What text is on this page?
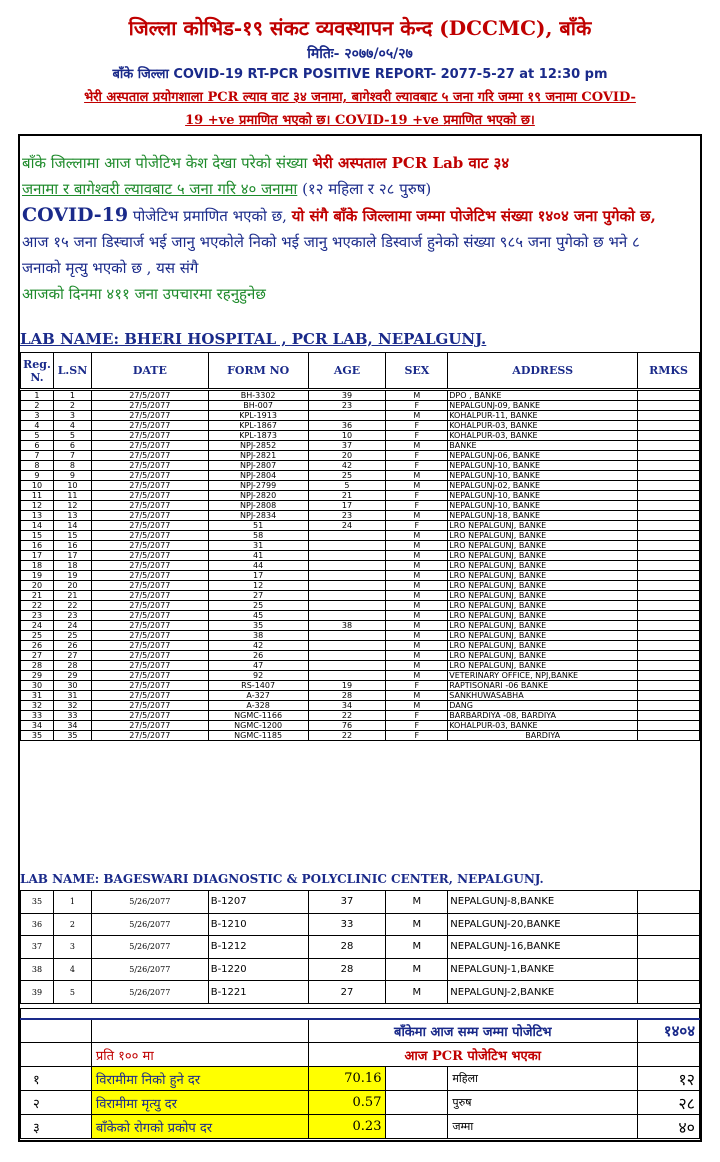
जिल्ला कोभिड-१९ संकट व्यवस्थापन केन्द (DCCMC), बाँके
मितिः- २०७७/०५/२७
बाँके जिल्ला COVID-19 RT-PCR POSITIVE REPORT- 2077-5-27 at 12:30 pm
भेरी अस्पताल प्रयोगशाला PCR ल्याव वाट ३४ जनामा, बागेश्वरी ल्यावबाट ५ जना गरि जम्मा १९ जनामा COVID-
19 +ve प्रमाणित भएको छ। COVID-19 +ve प्रमाणित भएको छ।
बाँके जिल्लामा आज पोजेटिभ केश देखा परेको संख्या भेरी अस्पताल PCR Lab वाट ३४
जनामा र बागेश्वरी ल्यावबाट ५ जना गरि ४० जनामा (१२ महिला र २८ पुरुष)
COVID-19 पोजेटिभ प्रमाणित भएको छ, यो संगै बाँके जिल्लामा जम्मा पोजेटिभ संख्या १४०४ जना पुगेको छ, आज १५ जना डिस्चार्ज भई जानु भएकोले निको भई जानु भएकाले डिस्वार्ज हुनेको संख्या ९८५ जना पुगेको छ भने ८ जनाको मृत्यु भएको छ , यस संगै
आजको दिनमा ४११ जना उपचारमा रहनुहुनेछ
LAB NAME: BHERI HOSPITAL , PCR LAB, NEPALGUNJ.
Reg. N.	L.SN	DATE	FORM NO	AGE	SEX	ADDRESS	RMKS
1	1	27/5/2077	BH-3302	39	M	DPO , BANKE	
2	2	27/5/2077	BH-007	23	F	NEPALGUNJ-09, BANKE	
3	3	27/5/2077	KPL-1913		M	KOHALPUR-11, BANKE	
4	4	27/5/2077	KPL-1867	36	F	KOHALPUR-03, BANKE	
5	5	27/5/2077	KPL-1873	10	F	KOHALPUR-03, BANKE	
6	6	27/5/2077	NPJ-2852	37	M	BANKE	
7	7	27/5/2077	NPJ-2821	20	F	NEPALGUNJ-06, BANKE	
8	8	27/5/2077	NPJ-2807	42	F	NEPALGUNJ-10, BANKE	
9	9	27/5/2077	NPJ-2804	25	M	NEPALGUNJ-10, BANKE	
10	10	27/5/2077	NPJ-2799	5	M	NEPALGUNJ-02, BANKE	
11	11	27/5/2077	NPJ-2820	21	F	NEPALGUNJ-10, BANKE	
12	12	27/5/2077	NPJ-2808	17	F	NEPALGUNJ-10, BANKE	
13	13	27/5/2077	NPJ-2834	23	M	NEPALGUNJ-18, BANKE	
14	14	27/5/2077	51	24	F	LRO NEPALGUNJ, BANKE	
15	15	27/5/2077	58		M	LRO NEPALGUNJ, BANKE	
16	16	27/5/2077	31		M	LRO NEPALGUNJ, BANKE	
17	17	27/5/2077	41		M	LRO NEPALGUNJ, BANKE	
18	18	27/5/2077	44		M	LRO NEPALGUNJ, BANKE	
19	19	27/5/2077	17		M	LRO NEPALGUNJ, BANKE	
20	20	27/5/2077	12		M	LRO NEPALGUNJ, BANKE	
21	21	27/5/2077	27		M	LRO NEPALGUNJ, BANKE	
22	22	27/5/2077	25		M	LRO NEPALGUNJ, BANKE	
23	23	27/5/2077	45		M	LRO NEPALGUNJ, BANKE	
24	24	27/5/2077	35	38	M	LRO NEPALGUNJ, BANKE	
25	25	27/5/2077	38		M	LRO NEPALGUNJ, BANKE	
26	26	27/5/2077	42		M	LRO NEPALGUNJ, BANKE	
27	27	27/5/2077	26		M	LRO NEPALGUNJ, BANKE	
28	28	27/5/2077	47		M	LRO NEPALGUNJ, BANKE	
29	29	27/5/2077	92		M	VETERINARY OFFICE, NPJ,BANKE	
30	30	27/5/2077	RS-1407	19	F	RAPTISONARI -06 BANKE	
31	31	27/5/2077	A-327	28	M	SANKHUWASABHA	
32	32	27/5/2077	A-328	34	M	DANG	
33	33	27/5/2077	NGMC-1166	22	F	BARBARDIYA -08, BARDIYA	
34	34	27/5/2077	NGMC-1200	76	F	KOHALPUR-03, BANKE	
35	35	27/5/2077	NGMC-1185	22	F	BARDIYA	
LAB NAME: BAGESWARI DIAGNOSTIC & POLYCLINIC CENTER, NEPALGUNJ.
35	1	5/26/2077	B-1207	37	M	NEPALGUNJ-8,BANKE	
36	2	5/26/2077	B-1210	33	M	NEPALGUNJ-20,BANKE	
37	3	5/26/2077	B-1212	28	M	NEPALGUNJ-16,BANKE	
38	4	5/26/2077	B-1220	28	M	NEPALGUNJ-1,BANKE	
39	5	5/26/2077	B-1221	27	M	NEPALGUNJ-2,BANKE	

		बाँकेमा आज सम्म जम्मा पोजेटिभ			१४०४
	प्रति १०० मा	आज PCR पोजेटिभ भएका			
१	विरामीमा निको हुने दर	70.16		महिला	१२
२	विरामीमा मृत्यु दर	0.57		पुरुष	२८
३	बाँकेको रोगको प्रकोप दर	0.23		जम्मा	४०
